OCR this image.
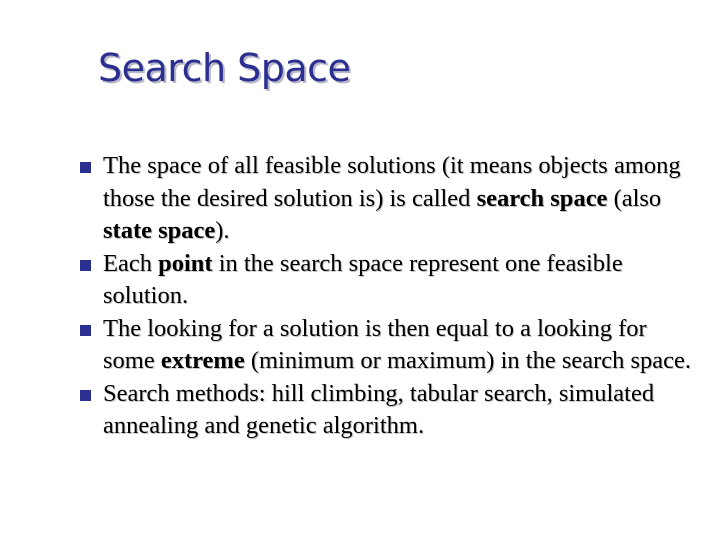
Search Space
The space of all feasible solutions (it means objects among those the desired solution is) is called search space (also state space).
Each point in the search space represent one feasible solution.
The looking for a solution is then equal to a looking for some extreme (minimum or maximum) in the search space.
Search methods: hill climbing, tabular search, simulated annealing and genetic algorithm.
